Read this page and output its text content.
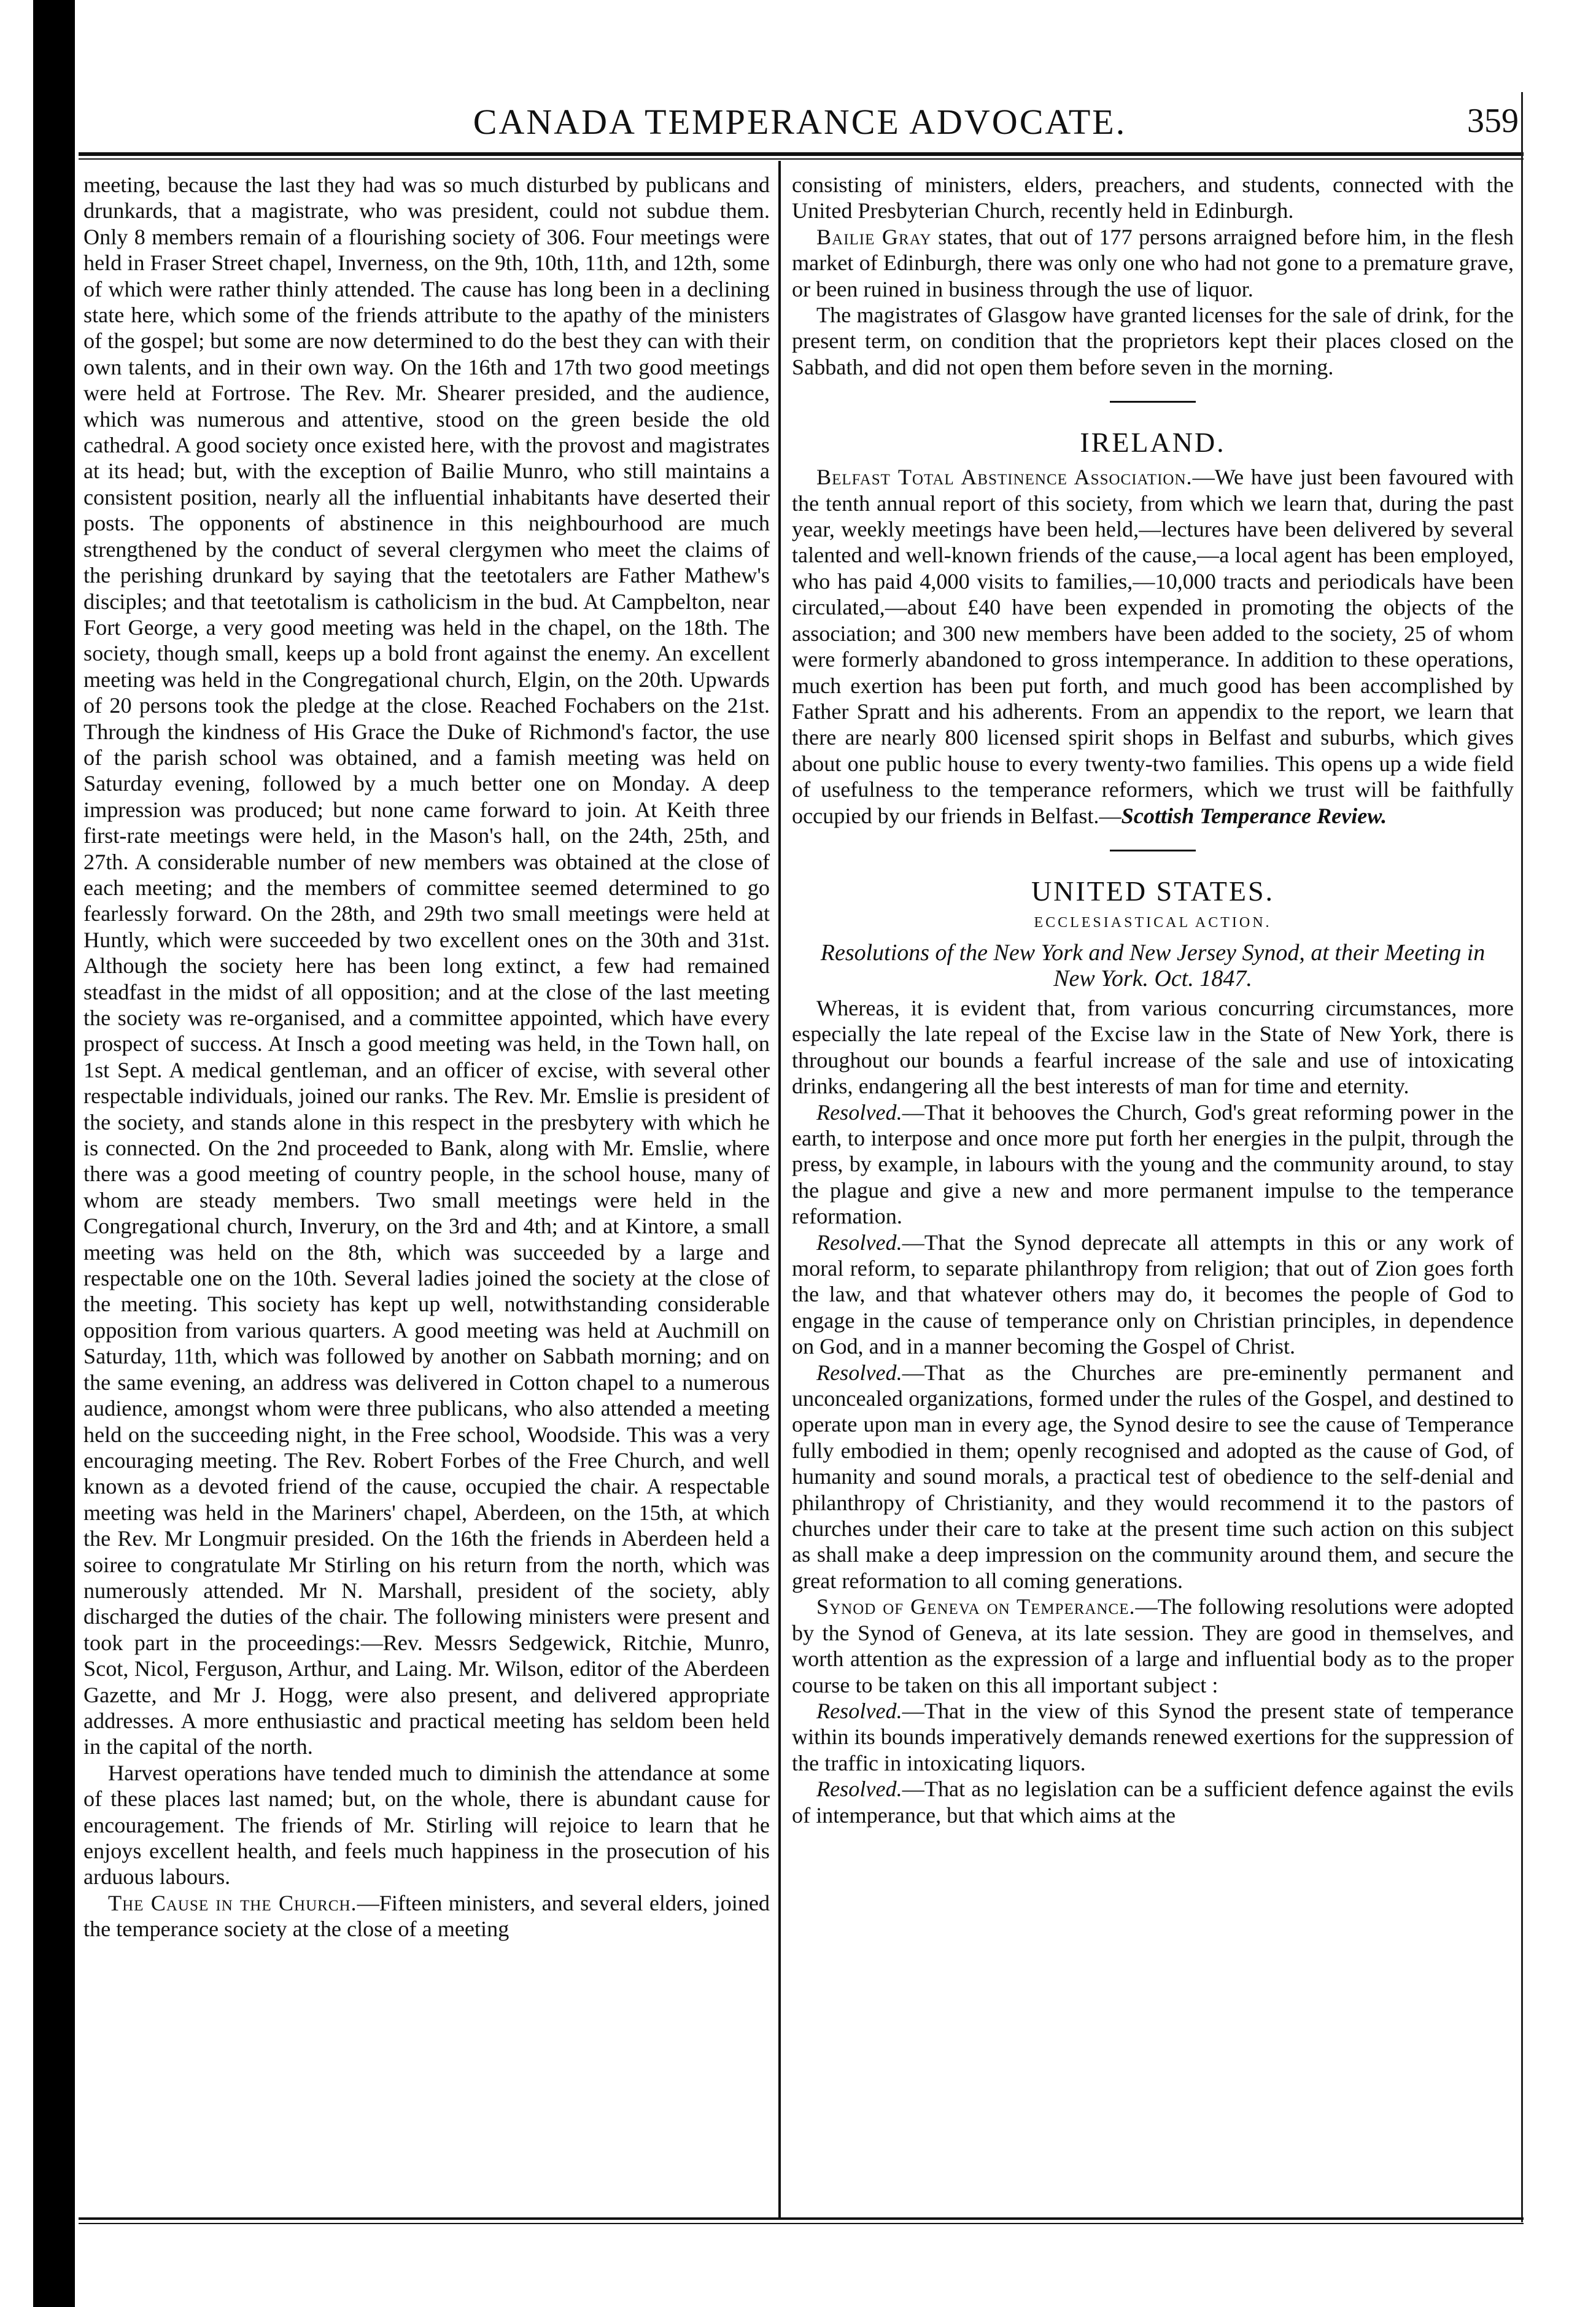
CANADA TEMPERANCE ADVOCATE.	359

meeting, because the last they had was so much disturbed by publicans and drunkards, that a magistrate, who was president, could not subdue them. Only 8 members remain of a flourishing society of 306. Four meetings were held in Fraser Street chapel, Inverness, on the 9th, 10th, 11th, and 12th, some of which were rather thinly attended. The cause has long been in a declining state here, which some of the friends attribute to the apathy of the ministers of the gospel; but some are now determined to do the best they can with their own talents, and in their own way. On the 16th and 17th two good meetings were held at Fortrose. The Rev. Mr. Shearer presided, and the audience, which was numerous and attentive, stood on the green beside the old cathedral. A good society once existed here, with the provost and magistrates at its head; but, with the exception of Bailie Munro, who still maintains a consistent position, nearly all the influential inhabitants have deserted their posts. The opponents of abstinence in this neighbourhood are much strengthened by the conduct of several clergymen who meet the claims of the perishing drunkard by saying that the teetotalers are Father Mathew's disciples; and that teetotalism is catholicism in the bud. At Campbelton, near Fort George, a very good meeting was held in the chapel, on the 18th. The society, though small, keeps up a bold front against the enemy. An excellent meeting was held in the Congregational church, Elgin, on the 20th. Upwards of 20 persons took the pledge at the close. Reached Fochabers on the 21st. Through the kindness of His Grace the Duke of Richmond's factor, the use of the parish school was obtained, and a famish meeting was held on Saturday evening, followed by a much better one on Monday. A deep impression was produced; but none came forward to join. At Keith three first-rate meetings were held, in the Mason's hall, on the 24th, 25th, and 27th. A considerable number of new members was obtained at the close of each meeting; and the members of committee seemed determined to go fearlessly forward. On the 28th, and 29th two small meetings were held at Huntly, which were succeeded by two excellent ones on the 30th and 31st. Although the society here has been long extinct, a few had remained steadfast in the midst of all opposition; and at the close of the last meeting the society was re-organised, and a committee appointed, which have every prospect of success. At Insch a good meeting was held, in the Town hall, on 1st Sept. A medical gentleman, and an officer of excise, with several other respectable individuals, joined our ranks. The Rev. Mr. Emslie is president of the society, and stands alone in this respect in the presbytery with which he is connected. On the 2nd proceeded to Bank, along with Mr. Emslie, where there was a good meeting of country people, in the school house, many of whom are steady members. Two small meetings were held in the Congregational church, Inverury, on the 3rd and 4th; and at Kintore, a small meeting was held on the 8th, which was succeeded by a large and respectable one on the 10th. Several ladies joined the society at the close of the meeting. This society has kept up well, notwithstanding considerable opposition from various quarters. A good meeting was held at Auchmill on Saturday, 11th, which was followed by another on Sabbath morning; and on the same evening, an address was delivered in Cotton chapel to a numerous audience, amongst whom were three publicans, who also attended a meeting held on the succeeding night, in the Free school, Woodside. This was a very encouraging meeting. The Rev. Robert Forbes of the Free Church, and well known as a devoted friend of the cause, occupied the chair. A respectable meeting was held in the Mariners' chapel, Aberdeen, on the 15th, at which the Rev. Mr Longmuir presided. On the 16th the friends in Aberdeen held a soiree to congratulate Mr Stirling on his return from the north, which was numerously attended. Mr N. Marshall, president of the society, ably discharged the duties of the chair. The following ministers were present and took part in the proceedings:—Rev. Messrs Sedgewick, Ritchie, Munro, Scot, Nicol, Ferguson, Arthur, and Laing. Mr. Wilson, editor of the Aberdeen Gazette, and Mr J. Hogg, were also present, and delivered appropriate addresses. A more enthusiastic and practical meeting has seldom been held in the capital of the north.

Harvest operations have tended much to diminish the attendance at some of these places last named; but, on the whole, there is abundant cause for encouragement. The friends of Mr. Stirling will rejoice to learn that he enjoys excellent health, and feels much happiness in the prosecution of his arduous labours.

The Cause in the Church.—Fifteen ministers, and several elders, joined the temperance society at the close of a meeting

consisting of ministers, elders, preachers, and students, connected with the United Presbyterian Church, recently held in Edinburgh.

Bailie Gray states, that out of 177 persons arraigned before him, in the flesh market of Edinburgh, there was only one who had not gone to a premature grave, or been ruined in business through the use of liquor.

The magistrates of Glasgow have granted licenses for the sale of drink, for the present term, on condition that the proprietors kept their places closed on the Sabbath, and did not open them before seven in the morning.

IRELAND.

Belfast Total Abstinence Association.—We have just been favoured with the tenth annual report of this society, from which we learn that, during the past year, weekly meetings have been held,—lectures have been delivered by several talented and well-known friends of the cause,—a local agent has been employed, who has paid 4,000 visits to families,—10,000 tracts and periodicals have been circulated,—about £40 have been expended in promoting the objects of the association; and 300 new members have been added to the society, 25 of whom were formerly abandoned to gross intemperance. In addition to these operations, much exertion has been put forth, and much good has been accomplished by Father Spratt and his adherents. From an appendix to the report, we learn that there are nearly 800 licensed spirit shops in Belfast and suburbs, which gives about one public house to every twenty-two families. This opens up a wide field of usefulness to the temperance reformers, which we trust will be faithfully occupied by our friends in Belfast.—Scottish Temperance Review.

UNITED STATES.
ECCLESIASTICAL ACTION.
Resolutions of the New York and New Jersey Synod, at their Meeting in New York. Oct. 1847.

Whereas, it is evident that, from various concurring circumstances, more especially the late repeal of the Excise law in the State of New York, there is throughout our bounds a fearful increase of the sale and use of intoxicating drinks, endangering all the best interests of man for time and eternity.

Resolved.—That it behooves the Church, God's great reforming power in the earth, to interpose and once more put forth her energies in the pulpit, through the press, by example, in labours with the young and the community around, to stay the plague and give a new and more permanent impulse to the temperance reformation.

Resolved.—That the Synod deprecate all attempts in this or any work of moral reform, to separate philanthropy from religion; that out of Zion goes forth the law, and that whatever others may do, it becomes the people of God to engage in the cause of temperance only on Christian principles, in dependence on God, and in a manner becoming the Gospel of Christ.

Resolved.—That as the Churches are pre-eminently permanent and unconcealed organizations, formed under the rules of the Gospel, and destined to operate upon man in every age, the Synod desire to see the cause of Temperance fully embodied in them; openly recognised and adopted as the cause of God, of humanity and sound morals, a practical test of obedience to the self-denial and philanthropy of Christianity, and they would recommend it to the pastors of churches under their care to take at the present time such action on this subject as shall make a deep impression on the community around them, and secure the great reformation to all coming generations.

Synod of Geneva on Temperance.—The following resolutions were adopted by the Synod of Geneva, at its late session. They are good in themselves, and worth attention as the expression of a large and influential body as to the proper course to be taken on this all important subject :

Resolved.—That in the view of this Synod the present state of temperance within its bounds imperatively demands renewed exertions for the suppression of the traffic in intoxicating liquors.

Resolved.—That as no legislation can be a sufficient defence against the evils of intemperance, but that which aims at the
